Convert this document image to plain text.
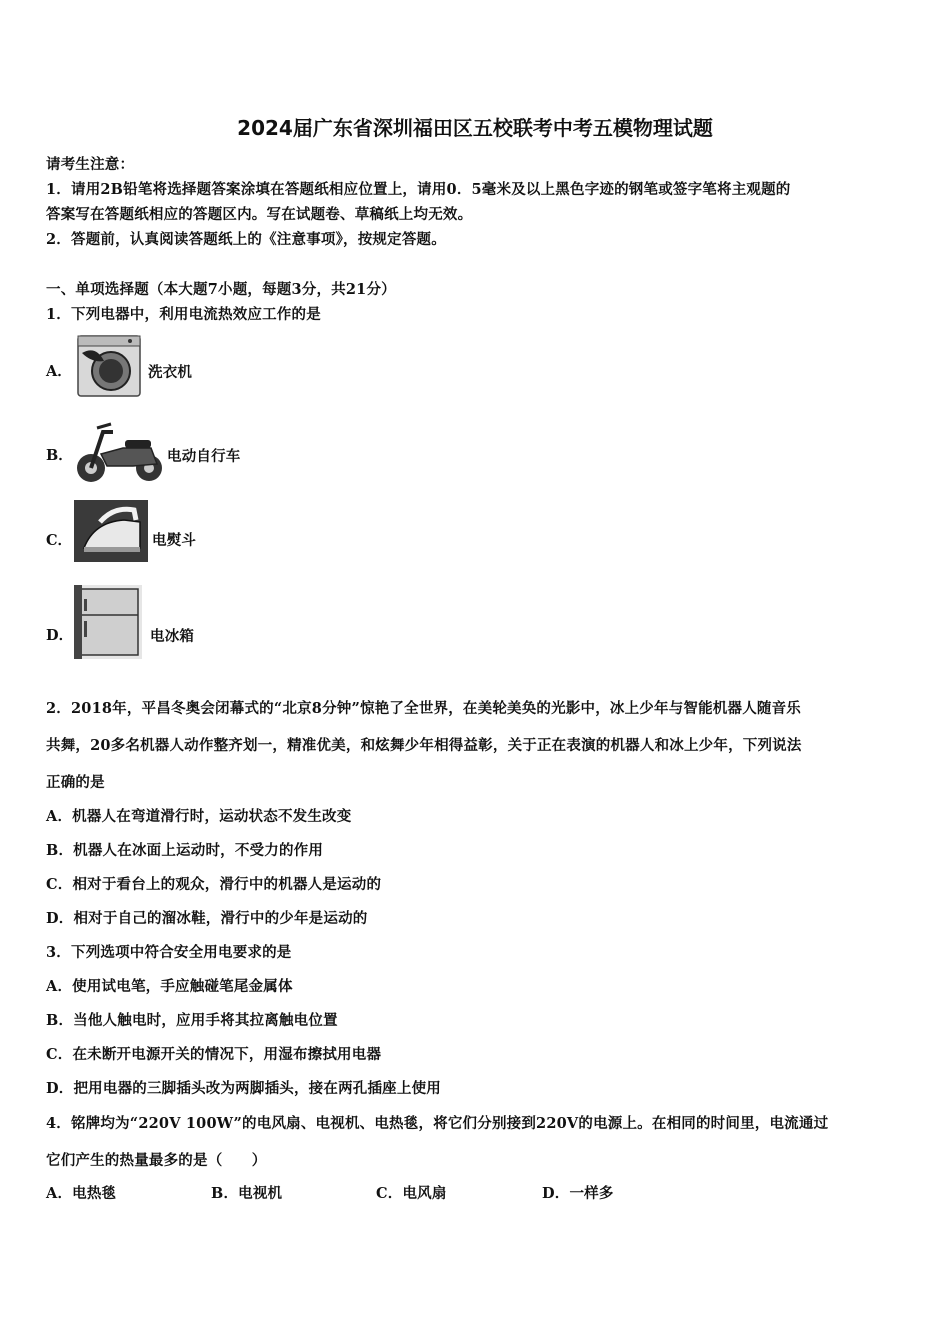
2024届广东省深圳福田区五校联考中考五模物理试题
请考生注意：
1．请用2B铅笔将选择题答案涂填在答题纸相应位置上，请用0．5毫米及以上黑色字迹的钢笔或签字笔将主观题的
答案写在答题纸相应的答题区内。写在试题卷、草稿纸上均无效。
2．答题前，认真阅读答题纸上的《注意事项》，按规定答题。
一、单项选择题（本大题7小题，每题3分，共21分）
1．下列电器中，利用电流热效应工作的是
A．	洗衣机
B．	电动自行车
C．	电熨斗
D．	电冰箱
2．2018年，平昌冬奥会闭幕式的“北京8分钟”惊艳了全世界，在美轮美奂的光影中，冰上少年与智能机器人随音乐
共舞，20多名机器人动作整齐划一，精准优美，和炫舞少年相得益彰，关于正在表演的机器人和冰上少年，下列说法
正确的是
A．机器人在弯道滑行时，运动状态不发生改变
B．机器人在冰面上运动时，不受力的作用
C．相对于看台上的观众，滑行中的机器人是运动的
D．相对于自己的溜冰鞋，滑行中的少年是运动的
3．下列选项中符合安全用电要求的是
A．使用试电笔，手应触碰笔尾金属体
B．当他人触电时，应用手将其拉离触电位置
C．在未断开电源开关的情况下，用湿布擦拭用电器
D．把用电器的三脚插头改为两脚插头，接在两孔插座上使用
4．铭牌均为“220V 100W”的电风扇、电视机、电热毯，将它们分别接到220V的电源上。在相同的时间里，电流通过
它们产生的热量最多的是（　　）
A．电热毯	B．电视机	C．电风扇	D．一样多
